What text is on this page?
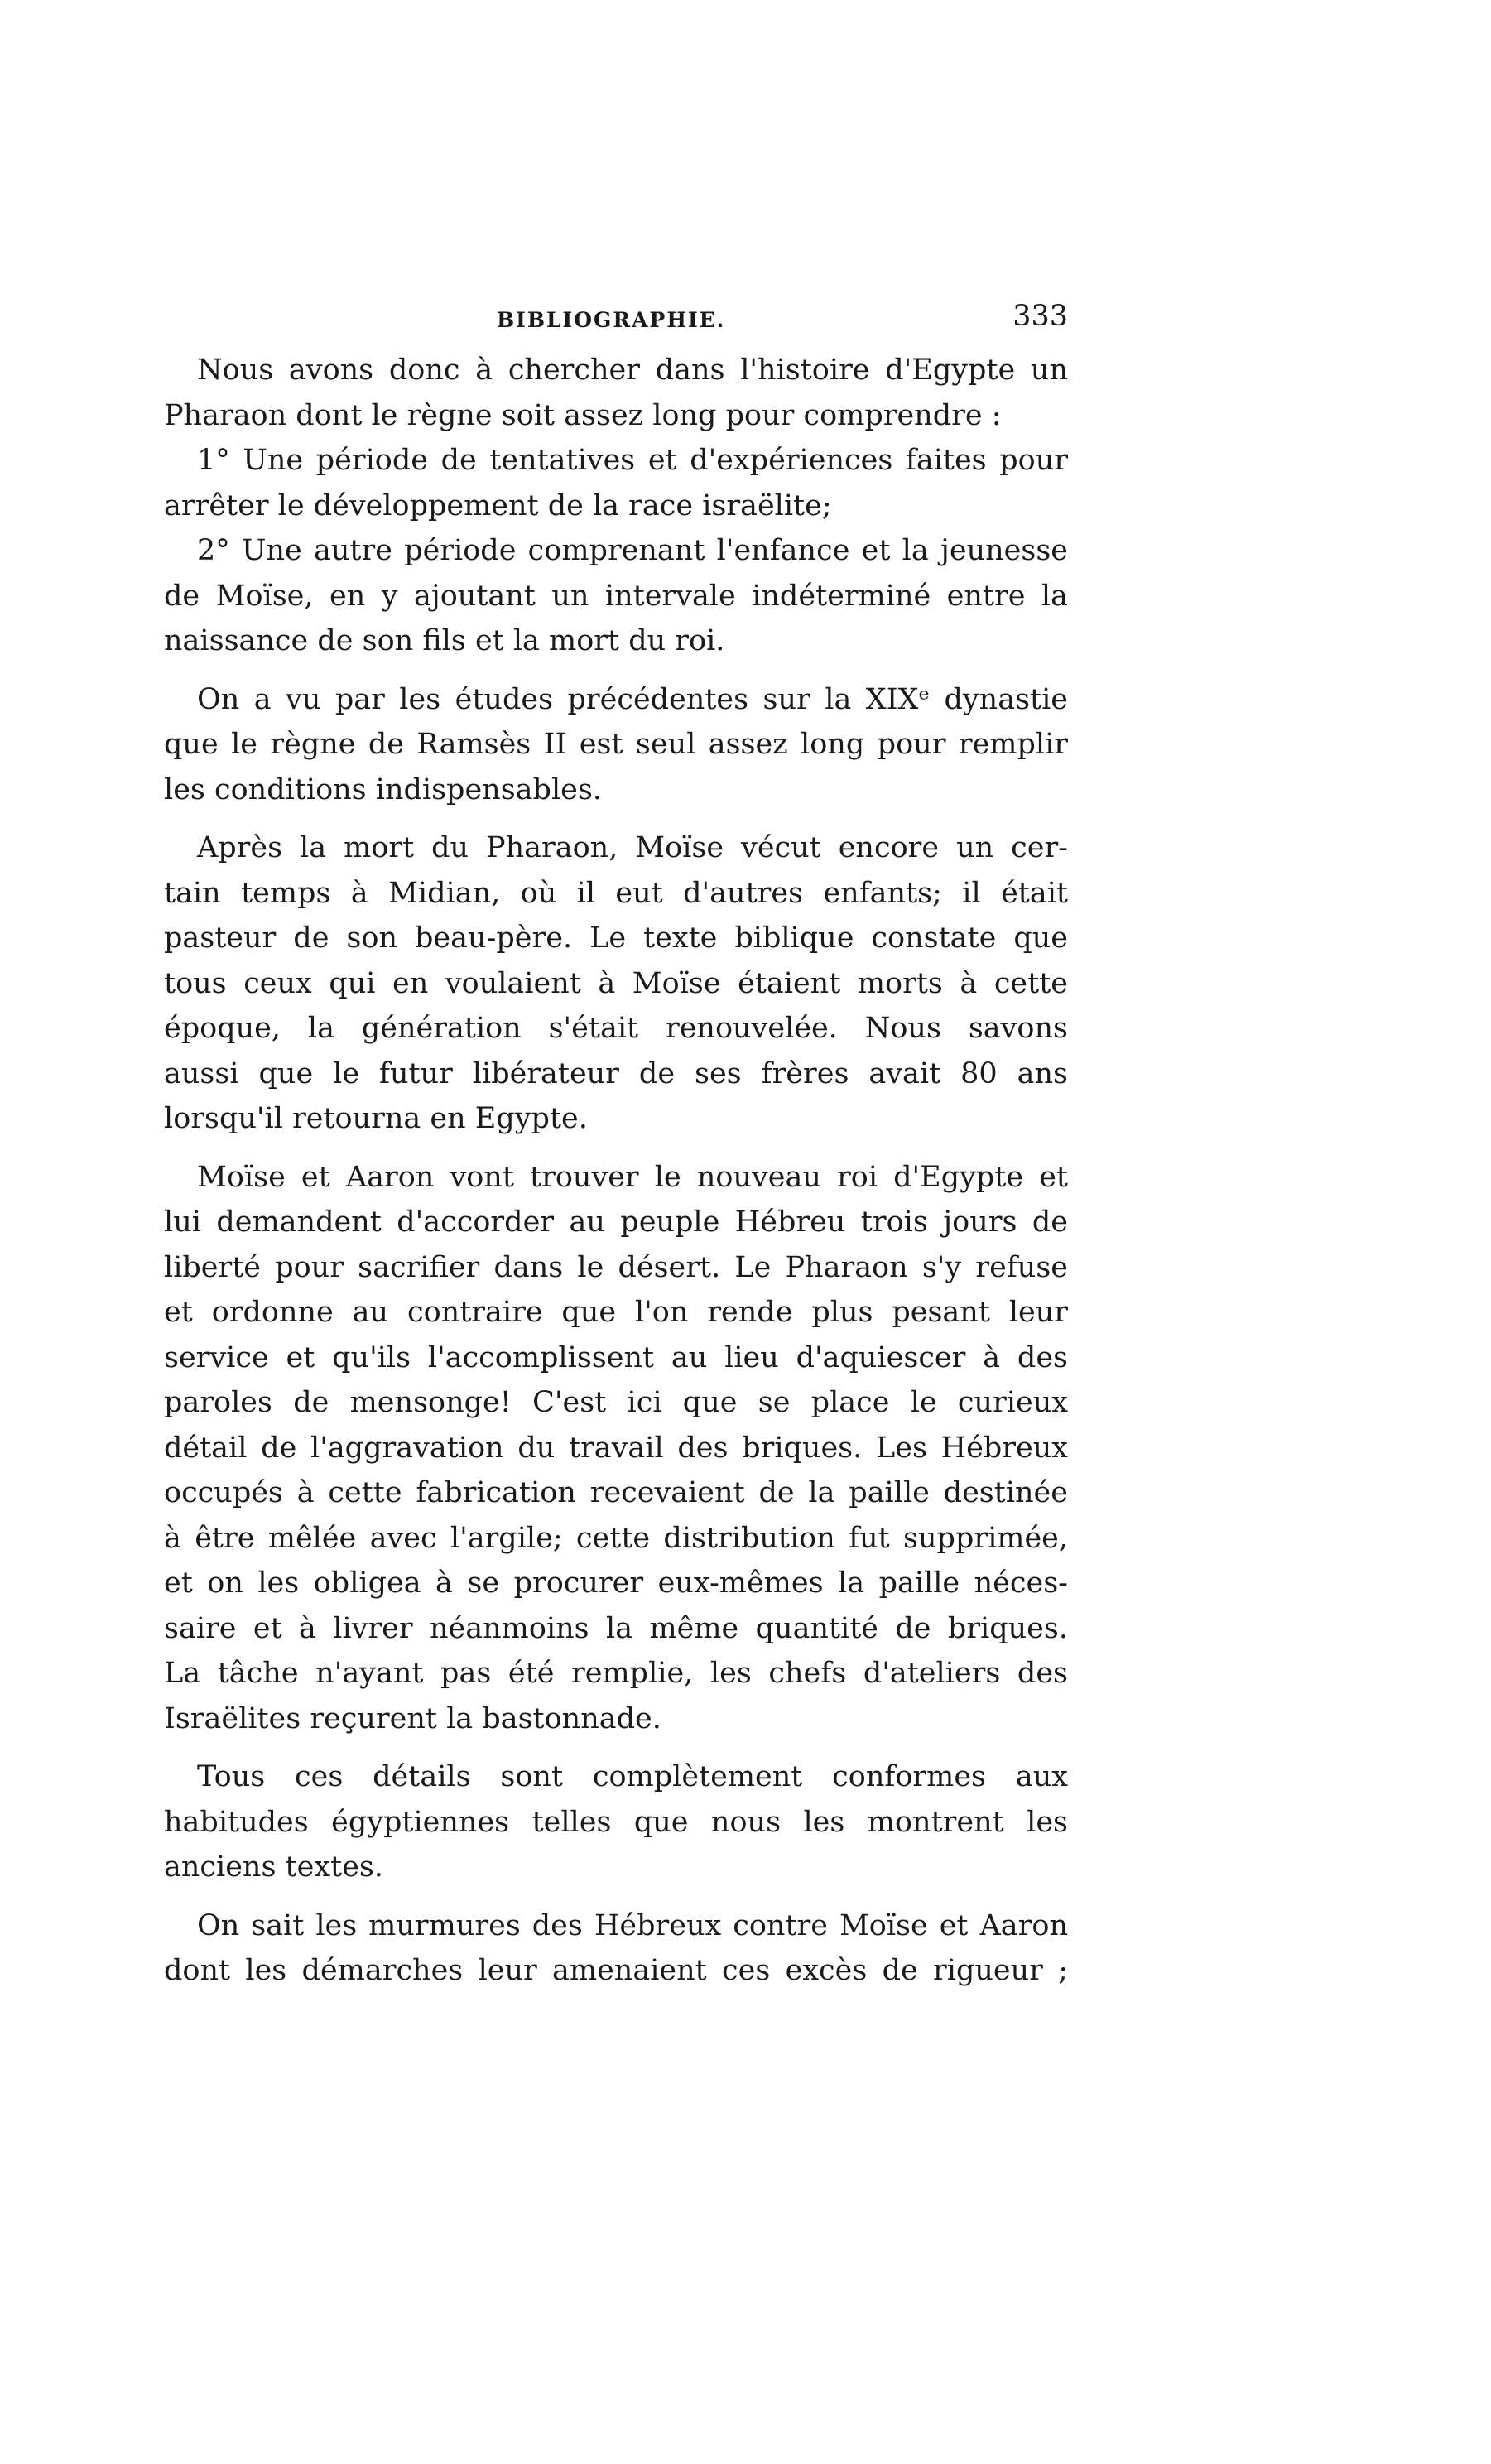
BIBLIOGRAPHIE.	333

Nous avons donc à chercher dans l'histoire d'Egypte un
Pharaon dont le règne soit assez long pour comprendre :

1° Une période de tentatives et d'expériences faites pour
arrêter le développement de la race israëlite;

2° Une autre période comprenant l'enfance et la jeunesse
de Moïse, en y ajoutant un intervale indéterminé entre la
naissance de son fils et la mort du roi.

On a vu par les études précédentes sur la XIXᵉ dynastie
que le règne de Ramsès II est seul assez long pour remplir
les conditions indispensables.

Après la mort du Pharaon, Moïse vécut encore un cer-
tain temps à Midian, où il eut d'autres enfants; il était
pasteur de son beau-père. Le texte biblique constate que
tous ceux qui en voulaient à Moïse étaient morts à cette
époque, la génération s'était renouvelée. Nous savons
aussi que le futur libérateur de ses frères avait 80 ans
lorsqu'il retourna en Egypte.

Moïse et Aaron vont trouver le nouveau roi d'Egypte et
lui demandent d'accorder au peuple Hébreu trois jours de
liberté pour sacrifier dans le désert. Le Pharaon s'y refuse
et ordonne au contraire que l'on rende plus pesant leur
service et qu'ils l'accomplissent au lieu d'aquiescer à des
paroles de mensonge! C'est ici que se place le curieux
détail de l'aggravation du travail des briques. Les Hébreux
occupés à cette fabrication recevaient de la paille destinée
à être mêlée avec l'argile; cette distribution fut supprimée,
et on les obligea à se procurer eux-mêmes la paille néces-
saire et à livrer néanmoins la même quantité de briques.
La tâche n'ayant pas été remplie, les chefs d'ateliers des
Israëlites reçurent la bastonnade.

Tous ces détails sont complètement conformes aux
habitudes égyptiennes telles que nous les montrent les
anciens textes.

On sait les murmures des Hébreux contre Moïse et Aaron
dont les démarches leur amenaient ces excès de rigueur ;
